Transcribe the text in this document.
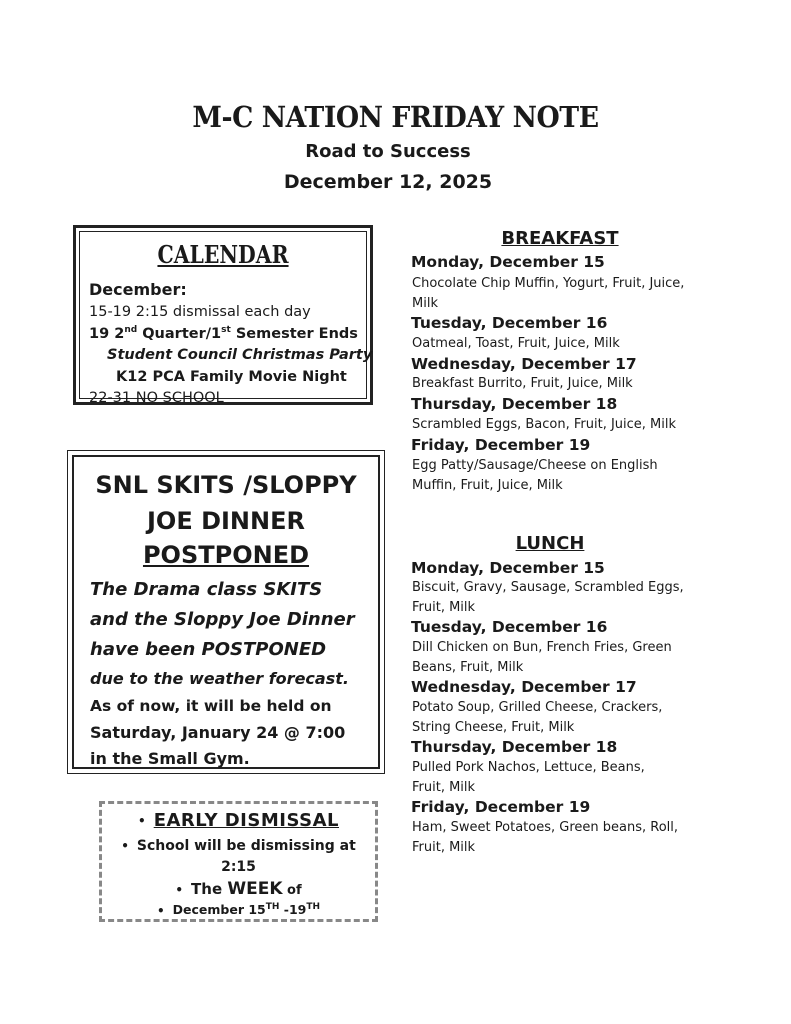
M-C NATION FRIDAY NOTE
Road to Success
December 12, 2025
CALENDAR
December:
15-19 2:15 dismissal each day
19 2nd Quarter/1st Semester Ends
Student Council Christmas Party
K12 PCA Family Movie Night
22-31 NO SCHOOL
SNL SKITS /SLOPPY
JOE DINNER
POSTPONED
The Drama class SKITS
and the Sloppy Joe Dinner
have been POSTPONED
due to the weather forecast.
As of now, it will be held on
Saturday, January 24 @ 7:00
in the Small Gym.
• EARLY DISMISSAL
• School will be dismissing at
2:15
• The WEEK of
• December 15TH -19TH
BREAKFAST
Monday, December 15
Chocolate Chip Muffin, Yogurt, Fruit, Juice, Milk
Tuesday, December 16
Oatmeal, Toast, Fruit, Juice, Milk
Wednesday, December 17
Breakfast Burrito, Fruit, Juice, Milk
Thursday, December 18
Scrambled Eggs, Bacon, Fruit, Juice, Milk
Friday, December 19
Egg Patty/Sausage/Cheese on English Muffin, Fruit, Juice, Milk
LUNCH
Monday, December 15
Biscuit, Gravy, Sausage, Scrambled Eggs, Fruit, Milk
Tuesday, December 16
Dill Chicken on Bun, French Fries, Green Beans, Fruit, Milk
Wednesday, December 17
Potato Soup, Grilled Cheese, Crackers, String Cheese, Fruit, Milk
Thursday, December 18
Pulled Pork Nachos, Lettuce, Beans, Fruit, Milk
Friday, December 19
Ham, Sweet Potatoes, Green beans, Roll, Fruit, Milk
